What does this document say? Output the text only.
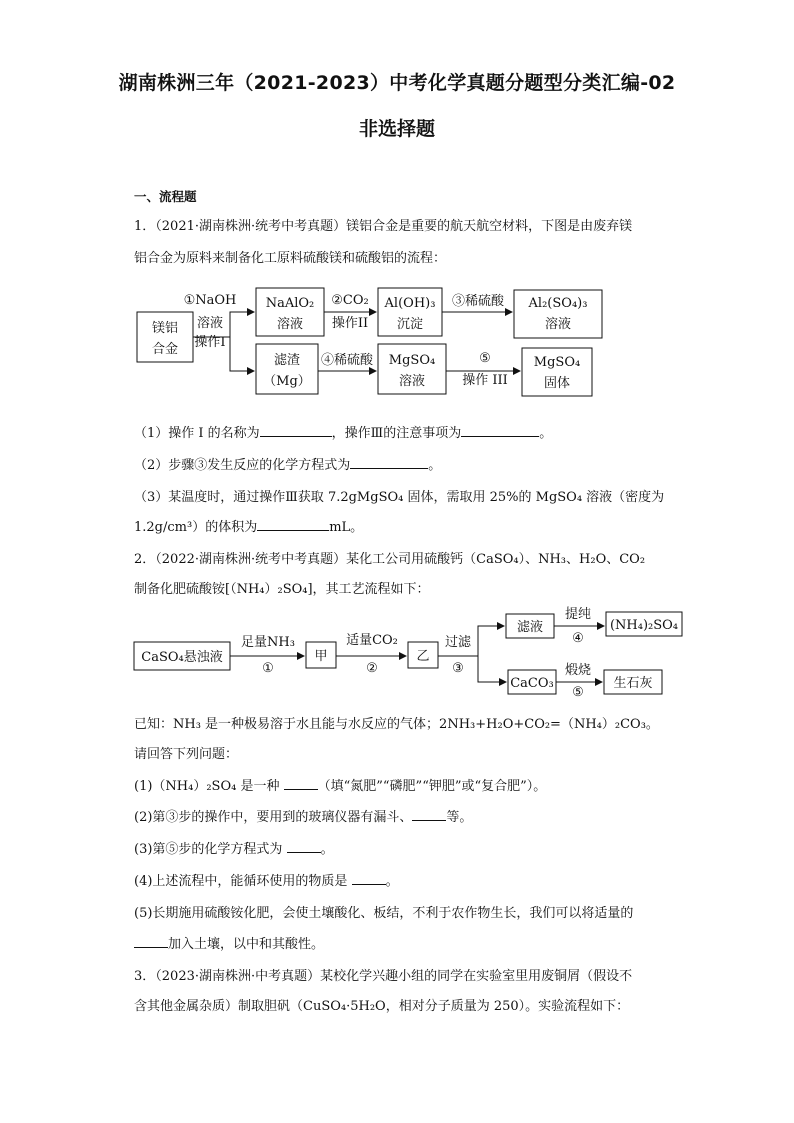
湖南株洲三年（2021-2023）中考化学真题分题型分类汇编-02
非选择题
一、流程题
1．（2021·湖南株洲·统考中考真题）镁铝合金是重要的航天航空材料，下图是由废弃镁
铝合金为原料来制备化工原料硫酸镁和硫酸铝的流程：
镁铝
合金
①NaOH
溶液
操作I
NaAlO₂
溶液
②CO₂
操作II
Al(OH)₃
沉淀
③稀硫酸 Al₂(SO₄)₃
溶液
滤渣
（Mg）
④稀硫酸 MgSO₄
溶液
⑤
操作 III
MgSO₄
固体
（1）操作 I 的名称为	，操作Ⅲ的注意事项为	。
（2）步骤③发生反应的化学方程式为	。
（3）某温度时，通过操作Ⅲ获取 7.2gMgSO₄ 固体，需取用 25%的 MgSO₄ 溶液（密度为
1.2g/cm³）的体积为	mL。
2．（2022·湖南株洲·统考中考真题）某化工公司用硫酸钙（CaSO₄）、NH₃、H₂O、CO₂
制备化肥硫酸铵[（NH₄）₂SO₄]，其工艺流程如下：
CaSO₄悬浊液
足量NH₃
①
甲
适量CO₂
②
乙
过滤
③
滤液
提纯
④
(NH₄)₂SO₄
CaCO₃
煅烧
⑤
生石灰
已知：NH₃ 是一种极易溶于水且能与水反应的气体；2NH₃+H₂O+CO₂=（NH₄）₂CO₃。
请回答下列问题：
(1)（NH₄）₂SO₄ 是一种	（填“氮肥”“磷肥”“钾肥”或“复合肥”）。
(2)第③步的操作中，要用到的玻璃仪器有漏斗、	等。
(3)第⑤步的化学方程式为	。
(4)上述流程中，能循环使用的物质是	。
(5)长期施用硫酸铵化肥，会使土壤酸化、板结，不利于农作物生长，我们可以将适量的
加入土壤，以中和其酸性。
3．（2023·湖南株洲·中考真题）某校化学兴趣小组的同学在实验室里用废铜屑（假设不
含其他金属杂质）制取胆矾（CuSO₄·5H₂O，相对分子质量为 250）。实验流程如下：
